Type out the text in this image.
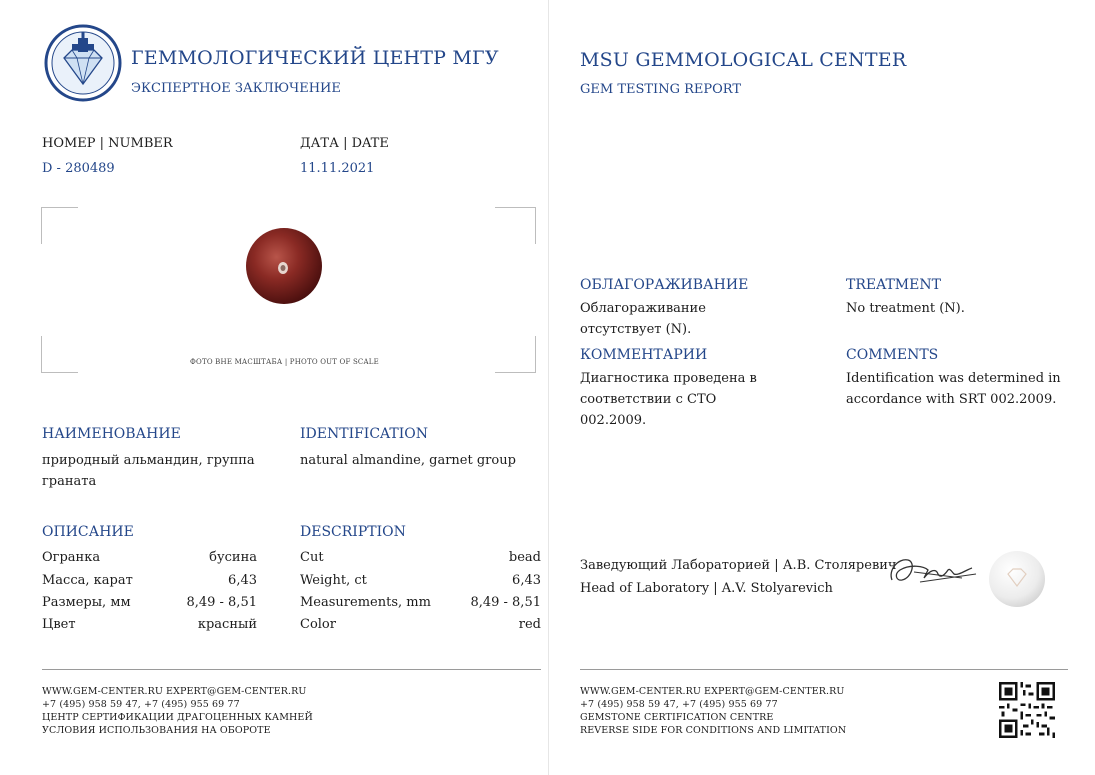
ГЕММОЛОГИЧЕСКИЙ ЦЕНТР МГУ
ЭКСПЕРТНОЕ ЗАКЛЮЧЕНИЕ
НОМЕР | NUMBER
D - 280489
ДАТА | DATE
11.11.2021
ФОТО ВНЕ МАСШТАБА | PHOTO OUT OF SCALE
НАИМЕНОВАНИЕ
природный альмандин, группа граната
IDENTIFICATION
natural almandine, garnet group
ОПИСАНИЕ	DESCRIPTION
Огранка	бусина
Масса, карат	6,43
Размеры, мм	8,49 - 8,51
Цвет	красный
Cut	bead
Weight, ct	6,43
Measurements, mm	8,49 - 8,51
Color	red
WWW.GEM-CENTER.RU EXPERT@GEM-CENTER.RU
+7 (495) 958 59 47, +7 (495) 955 69 77
ЦЕНТР СЕРТИФИКАЦИИ ДРАГОЦЕННЫХ КАМНЕЙ
УСЛОВИЯ ИСПОЛЬЗОВАНИЯ НА ОБОРОТЕ
MSU GEMMOLOGICAL CENTER
GEM TESTING REPORT
ОБЛАГОРАЖИВАНИЕ
Облагораживание отсутствует (N).
TREATMENT
No treatment (N).
КОММЕНТАРИИ
Диагностика проведена в соответствии с СТО 002.2009.
COMMENTS
Identification was determined in accordance with SRT 002.2009.
Заведующий Лабораторией | А.В. Столяревич
Head of Laboratory | A.V. Stolyarevich
WWW.GEM-CENTER.RU EXPERT@GEM-CENTER.RU
+7 (495) 958 59 47, +7 (495) 955 69 77
GEMSTONE CERTIFICATION CENTRE
REVERSE SIDE FOR CONDITIONS AND LIMITATION
